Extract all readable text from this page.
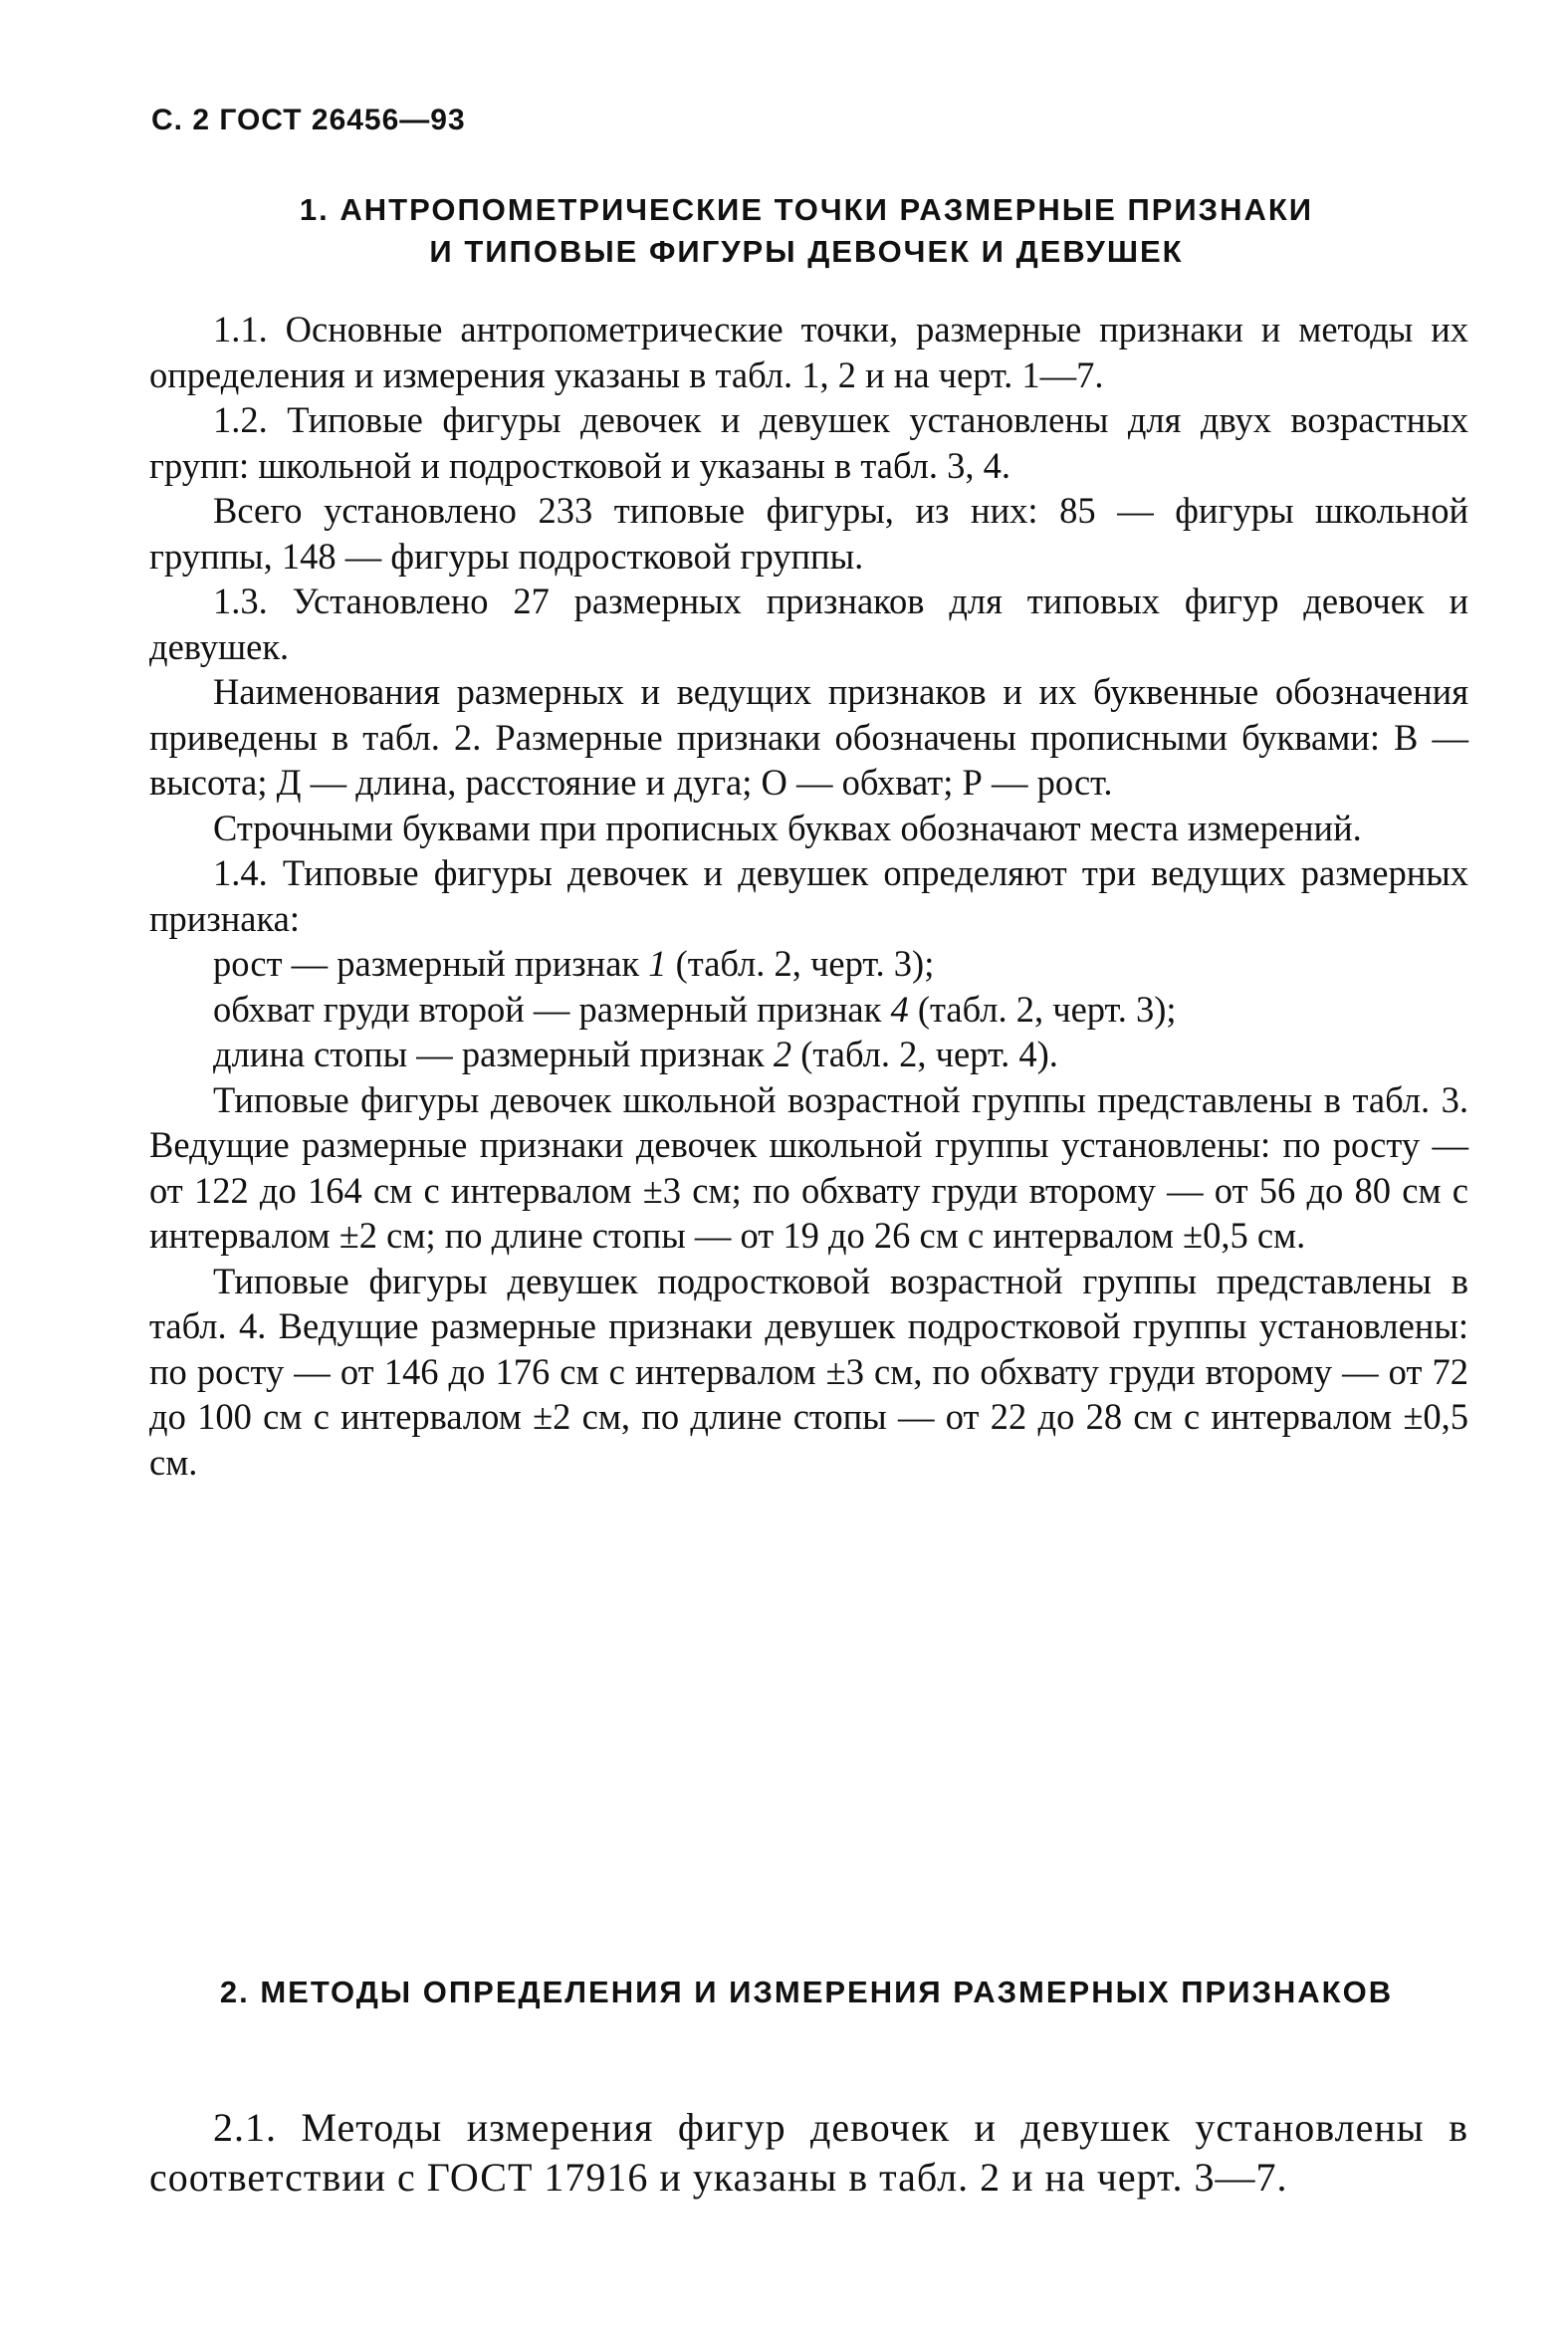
С. 2 ГОСТ 26456—93
1. АНТРОПОМЕТРИЧЕСКИЕ ТОЧКИ РАЗМЕРНЫЕ ПРИЗНАКИ
И ТИПОВЫЕ ФИГУРЫ ДЕВОЧЕК И ДЕВУШЕК

1.1. Основные антропометрические точки, размерные признаки и методы их определения и измерения указаны в табл. 1, 2 и на черт. 1—7.

1.2. Типовые фигуры девочек и девушек установлены для двух возрастных групп: школьной и подростковой и указаны в табл. 3, 4.

Всего установлено 233 типовые фигуры, из них: 85 — фигуры школьной группы, 148 — фигуры подростковой группы.

1.3. Установлено 27 размерных признаков для типовых фигур девочек и девушек.

Наименования размерных и ведущих признаков и их буквенные обозначения приведены в табл. 2. Размерные признаки обозначены прописными буквами: В — высота; Д — длина, расстояние и дуга; О — обхват; Р — рост.

Строчными буквами при прописных буквах обозначают места измерений.

1.4. Типовые фигуры девочек и девушек определяют три ведущих размерных признака:

рост — размерный признак 1 (табл. 2, черт. 3);

обхват груди второй — размерный признак 4 (табл. 2, черт. 3);

длина стопы — размерный признак 2 (табл. 2, черт. 4).

Типовые фигуры девочек школьной возрастной группы представлены в табл. 3. Ведущие размерные признаки девочек школьной группы установлены: по росту — от 122 до 164 см с интервалом ±3 см; по обхвату груди второму — от 56 до 80 см с интервалом ±2 см; по длине стопы — от 19 до 26 см с интервалом ±0,5 см.

Типовые фигуры девушек подростковой возрастной группы представлены в табл. 4. Ведущие размерные признаки девушек подростковой группы установлены: по росту — от 146 до 176 см с интервалом ±3 см, по обхвату груди второму — от 72 до 100 см с интервалом ±2 см, по длине стопы — от 22 до 28 см с интервалом ±0,5 см.

2. МЕТОДЫ ОПРЕДЕЛЕНИЯ И ИЗМЕРЕНИЯ РАЗМЕРНЫХ ПРИЗНАКОВ

2.1. Методы измерения фигур девочек и девушек установлены в соответствии с ГОСТ 17916 и указаны в табл. 2 и на черт. 3—7.
